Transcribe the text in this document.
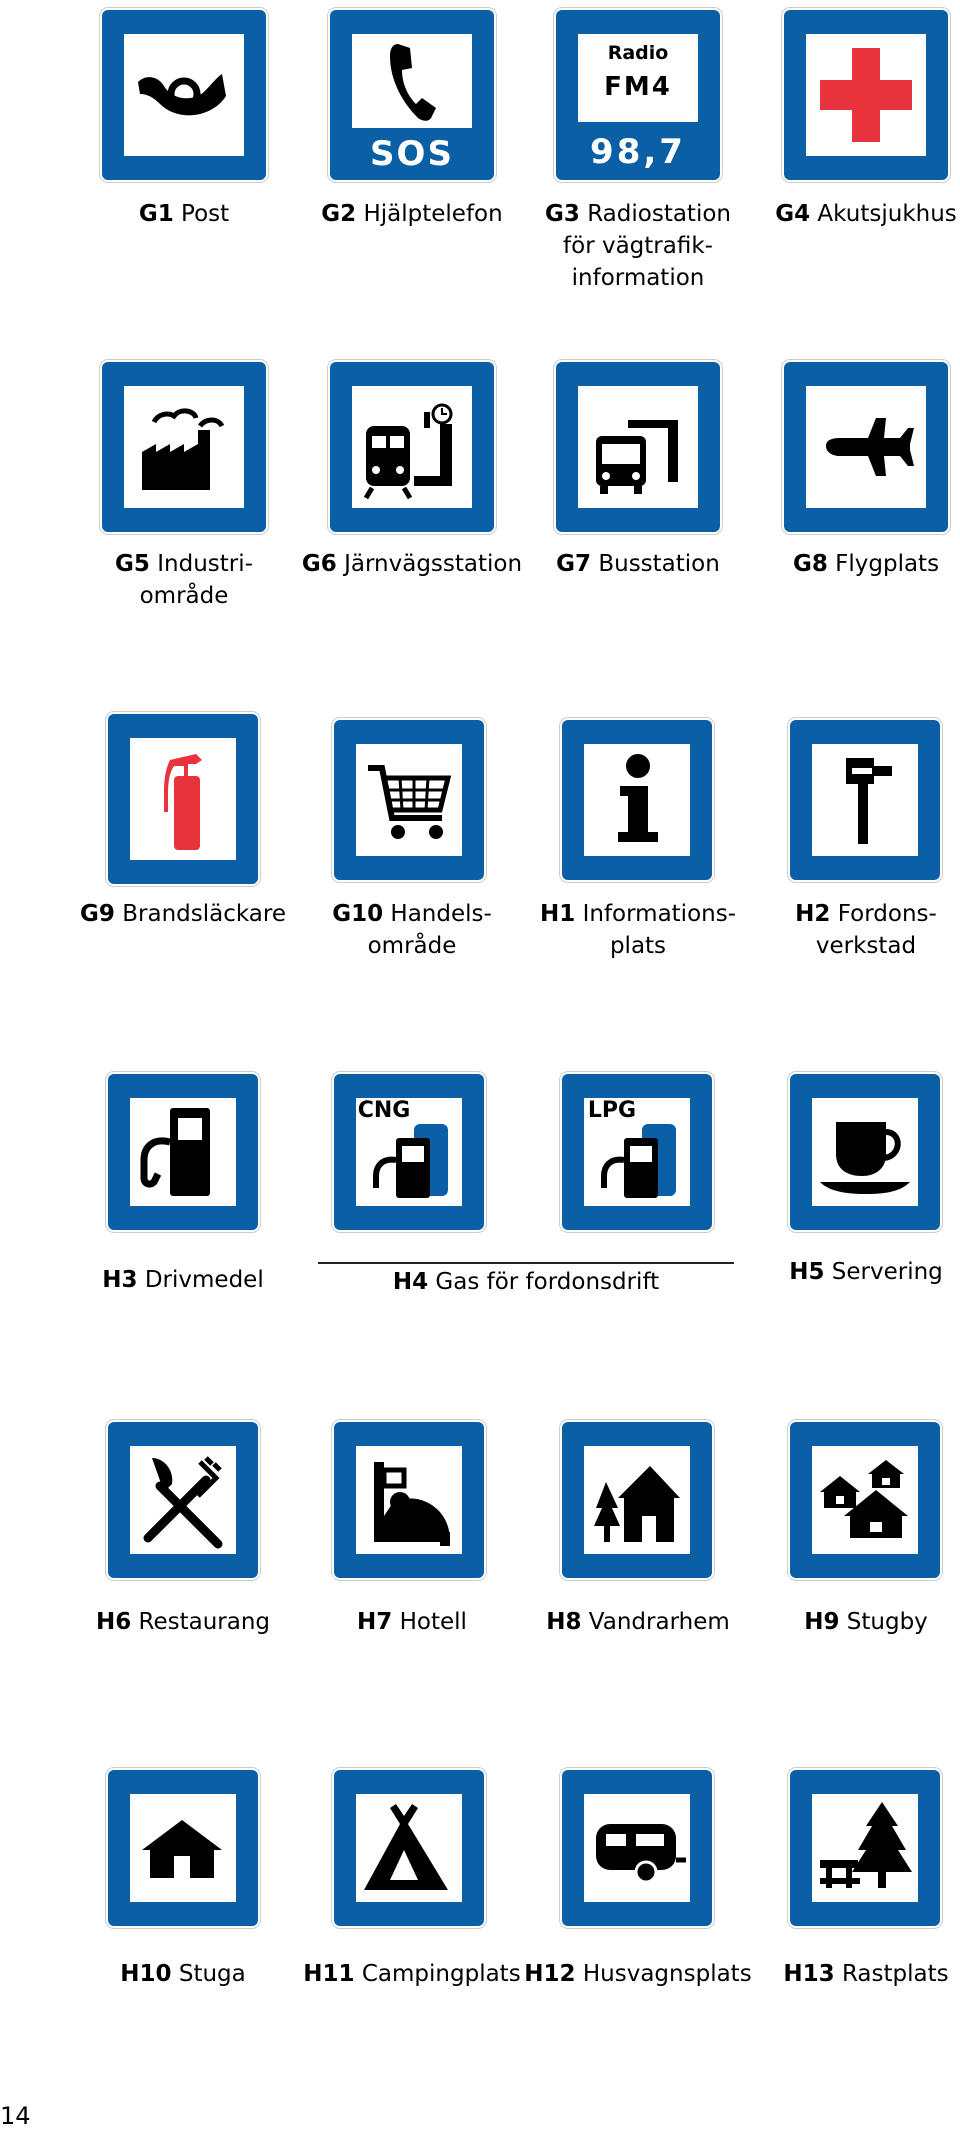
G1 Post
SOS
G2 Hjälptelefon
Radio
FM4
98,7
G3 Radiostation
för vägtrafik-
information
G4 Akutsjukhus
G5 Industri-
område
G6 Järnvägsstation	G7 Busstation	G8 Flygplats
G9 Brandsläckare	G10 Handels-
område
H1 Informations-
plats
H2 Fordons-
verkstad
H3 Drivmedel
CNG	LPG
H4 Gas för fordonsdrift	H5 Servering
H6 Restaurang	H7 Hotell	H8 Vandrarhem	H9 Stugby
H10 Stuga	H11 Campingplats H12 Husvagnsplats	H13 Rastplats
14
